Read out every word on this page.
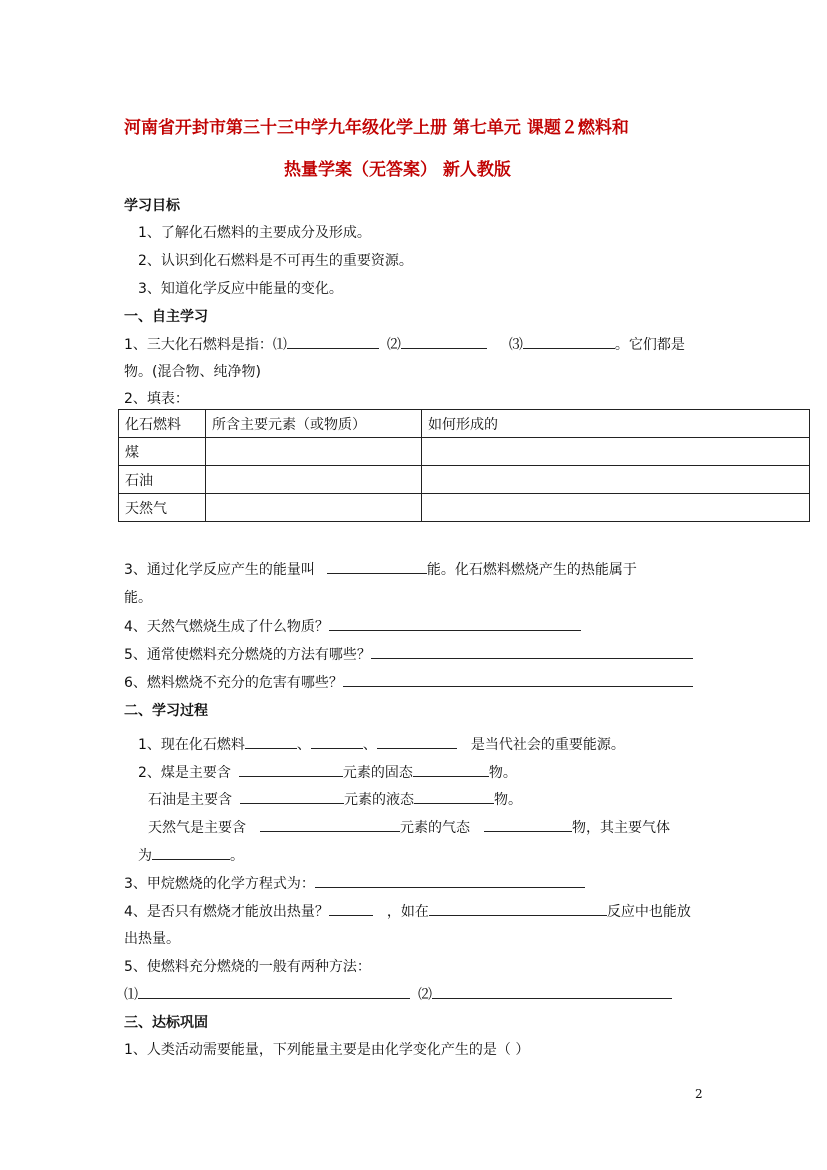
河南省开封市第三十三中学九年级化学上册 第七单元 课题２燃料和
热量学案（无答案） 新人教版
学习目标
1、了解化石燃料的主要成分及形成。
2、认识到化石燃料是不可再生的重要资源。
3、知道化学反应中能量的变化。
一、自主学习
1、三大化石燃料是指：⑴	⑵	⑶	。它们都是
物。(混合物、纯净物)
2、填表：
化石燃料	所含主要元素（或物质）	如何形成的
煤		
石油		
天然气		
3、通过化学反应产生的能量叫	能。化石燃料燃烧产生的热能属于
能。
4、天然气燃烧生成了什么物质？
5、通常使燃料充分燃烧的方法有哪些？
6、燃料燃烧不充分的危害有哪些？
二、学习过程
1、现在化石燃料	、	、	是当代社会的重要能源。
2、煤是主要含	元素的固态	物。
石油是主要含	元素的液态	物。
天然气是主要含	元素的气态	物，其主要气体
为	。
3、甲烷燃烧的化学方程式为：
4、是否只有燃烧才能放出热量？	，如在	反应中也能放
出热量。
5、使燃料充分燃烧的一般有两种方法：
⑴	⑵
三、达标巩固
1、人类活动需要能量，下列能量主要是由化学变化产生的是（ ）
2
